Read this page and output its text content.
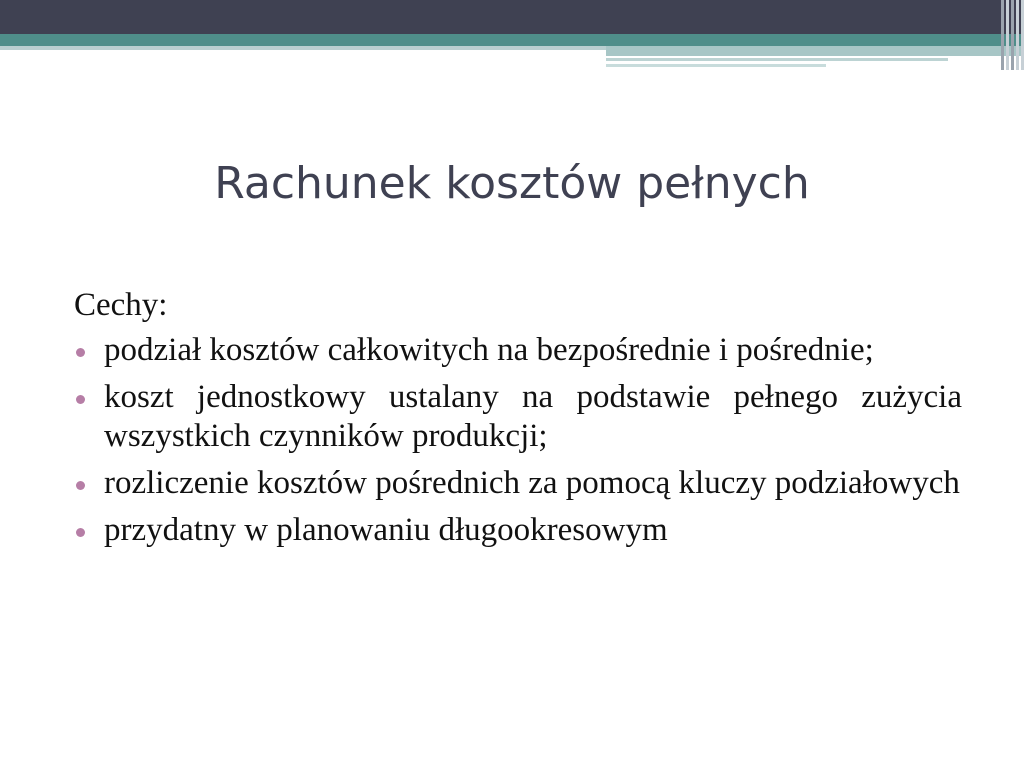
Rachunek kosztów pełnych
Cechy:
podział kosztów całkowitych na bezpośrednie i pośrednie;
koszt jednostkowy ustalany na podstawie pełnego zużycia wszystkich czynników produkcji;
rozliczenie kosztów pośrednich za pomocą kluczy podziałowych
przydatny w planowaniu długookresowym
